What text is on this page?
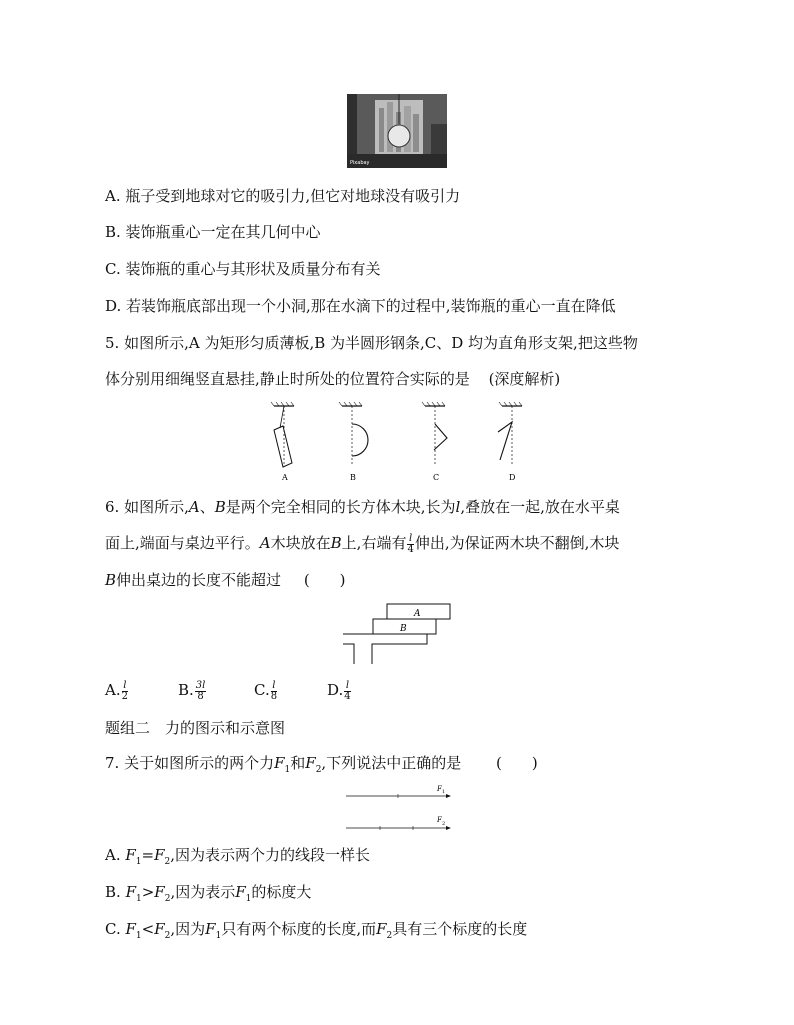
Pixabay
A. 瓶子受到地球对它的吸引力,但它对地球没有吸引力
B. 装饰瓶重心一定在其几何中心
C. 装饰瓶的重心与其形状及质量分布有关
D. 若装饰瓶底部出现一个小洞,那在水滴下的过程中,装饰瓶的重心一直在降低
5. 如图所示,A 为矩形匀质薄板,B 为半圆形钢条,C、D 均为直角形支架,把这些物
体分别用细绳竖直悬挂,静止时所处的位置符合实际的是 (深度解析)
A	B	C	D
6. 如图所示,A、B是两个完全相同的长方体木块,长为l,叠放在一起,放在水平桌
面上,端面与桌边平行。A木块放在B上,右端有 $\frac{l}{4}$ 伸出,为保证两木块不翻倒,木块
B伸出桌边的长度不能超过 (　　)
A
B
A. $\frac{l}{2}$	B. $\frac{3l}{8}$	C. $\frac{l}{8}$	D. $\frac{l}{4}$
题组二　力的图示和示意图
7. 关于如图所示的两个力$F_1$和$F_2$,下列说法中正确的是 (　　)
F 1
F 2
A. $F_1=F_2$,因为表示两个力的线段一样长
B. $F_1>F_2$,因为表示$F_1$的标度大
C. $F_1<F_2$,因为$F_1$只有两个标度的长度,而$F_2$具有三个标度的长度
